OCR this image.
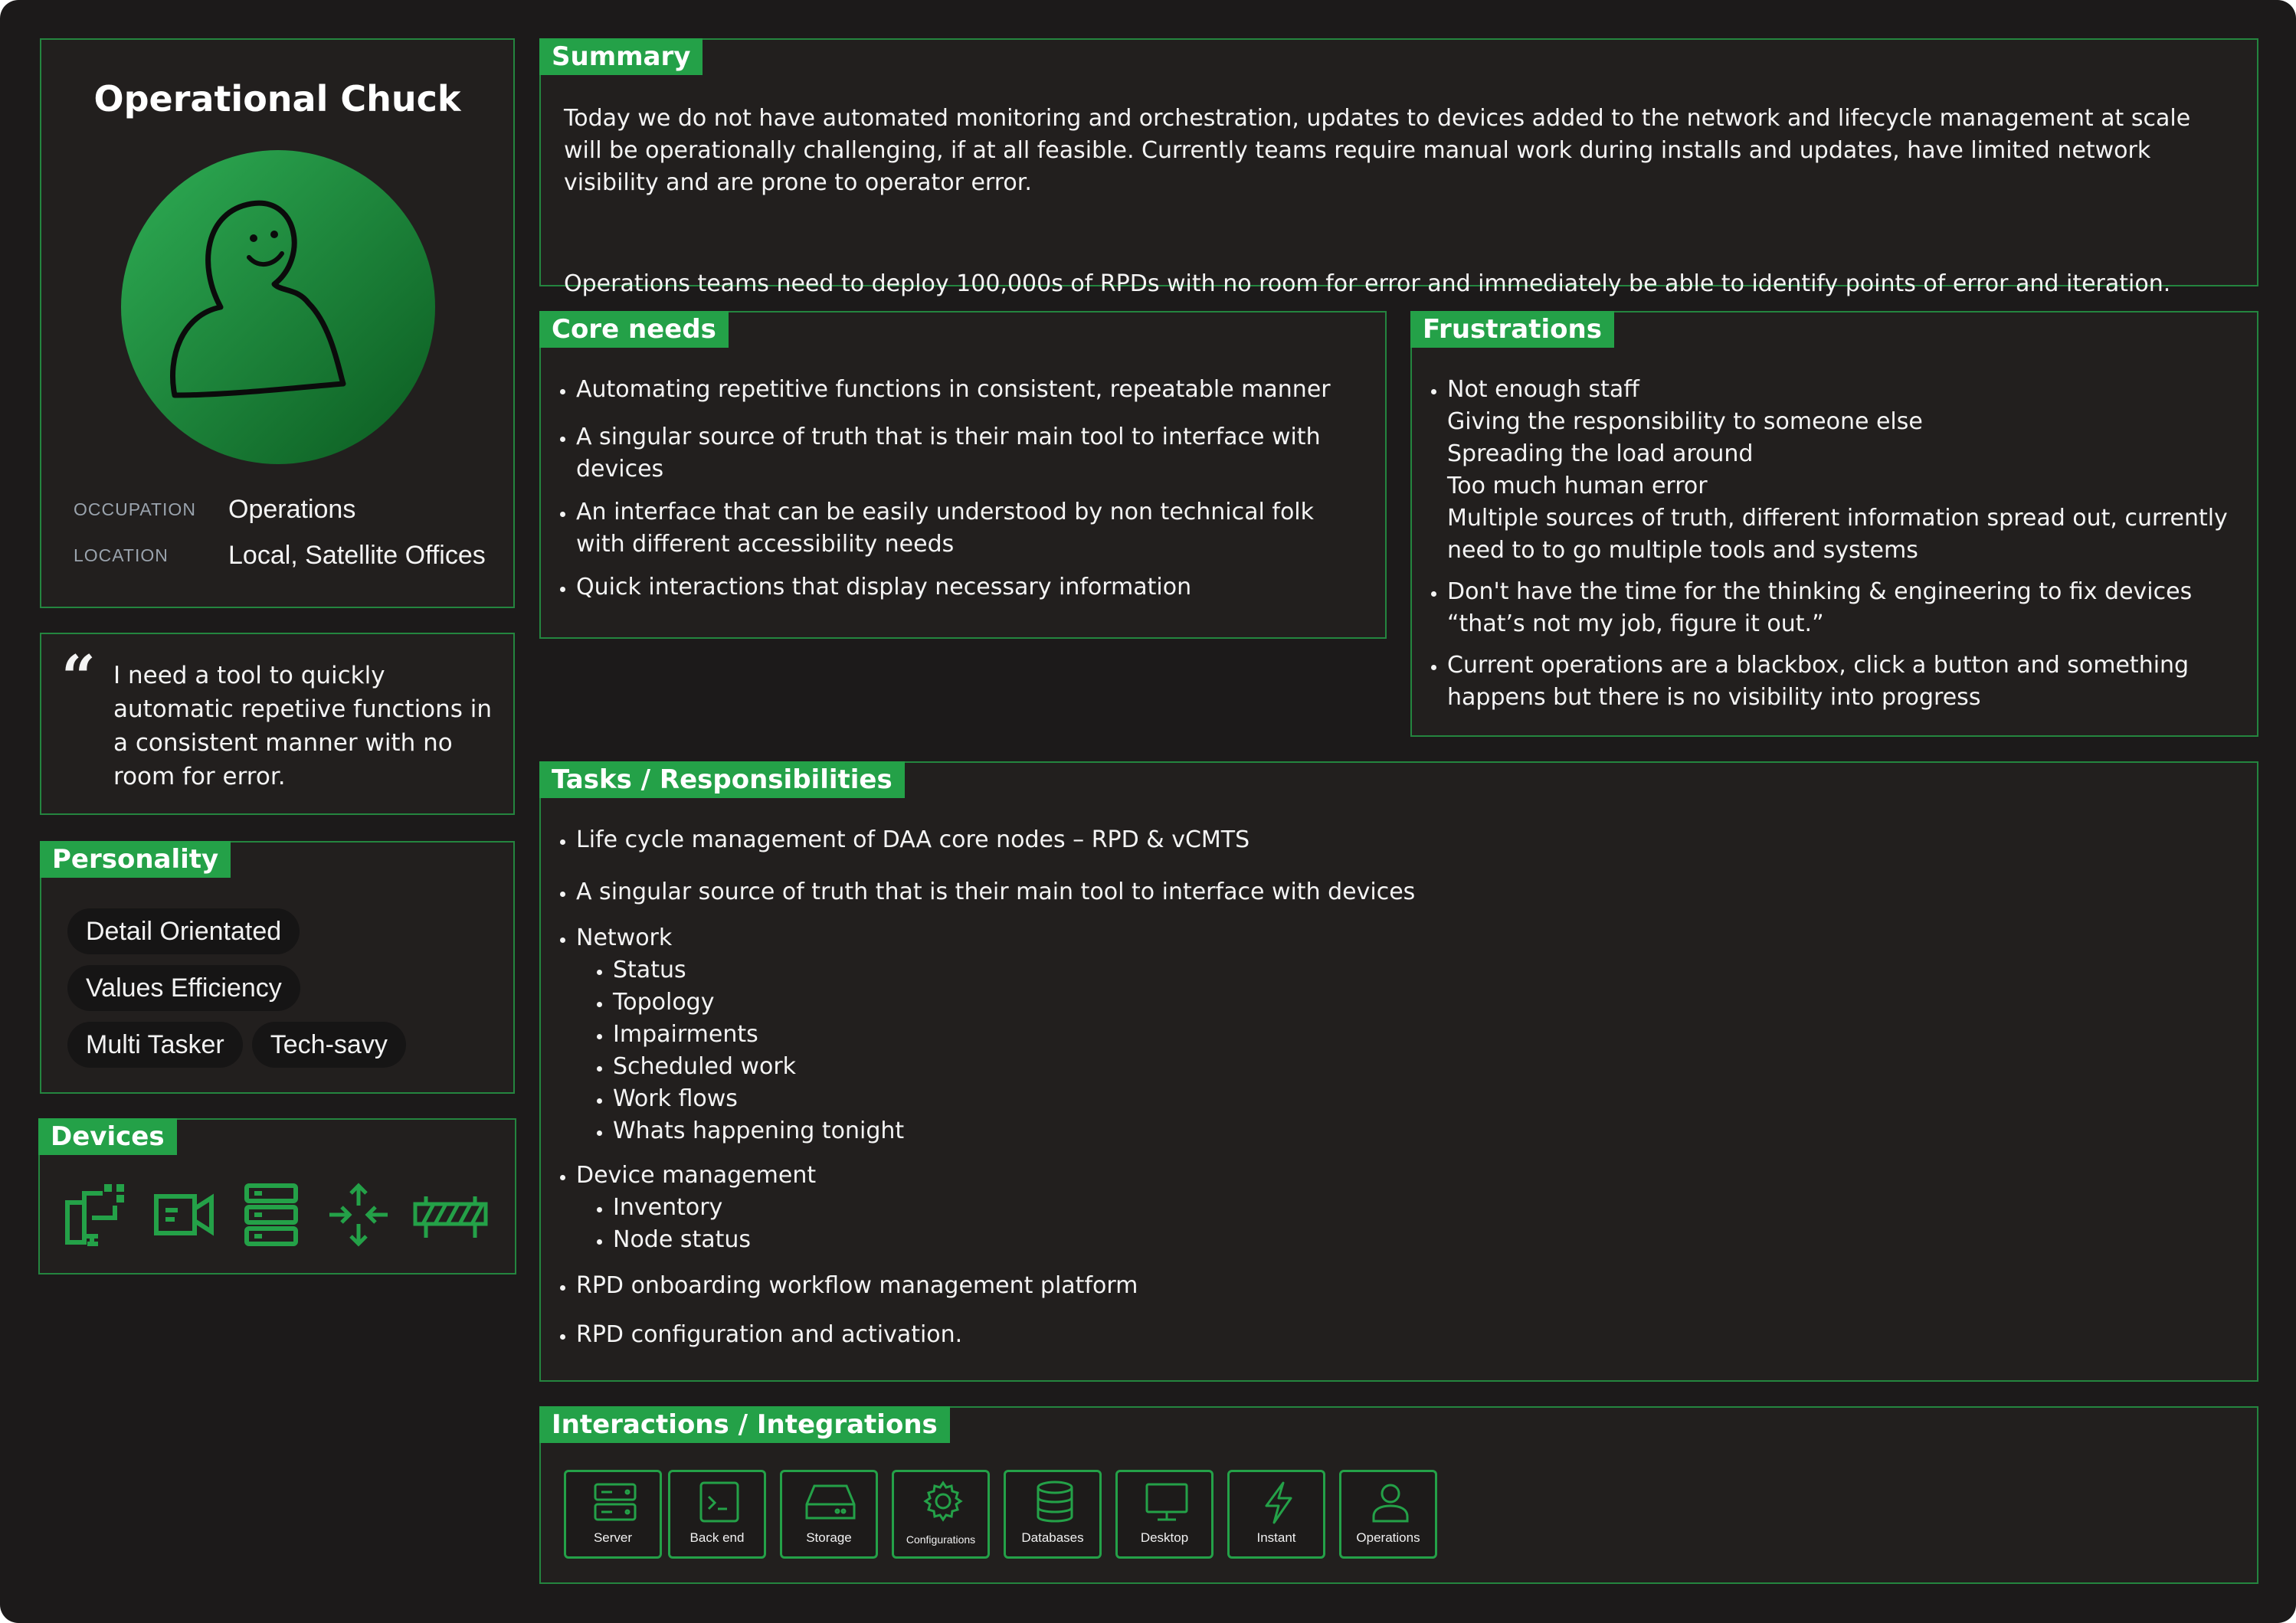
Operational Chuck
OCCUPATION Operations
LOCATION Local, Satellite Offices
“ I need a tool to quickly automatic repetiive functions in a consistent manner with no room for error.
Personality
Detail Orientated
Values Efficiency
Multi Tasker Tech-savy
Devices
Summary
Today we do not have automated monitoring and orchestration, updates to devices added to the network and lifecycle management at scale will be operationally challenging, if at all feasible. Currently teams require manual work during installs and updates, have limited network visibility and are prone to operator error.
Operations teams need to deploy 100,000s of RPDs with no room for error and immediately be able to identify points of error and iteration.
Core needs
• Automating repetitive functions in consistent, repeatable manner
• A singular source of truth that is their main tool to interface with devices
• An interface that can be easily understood by non technical folk with different accessibility needs
• Quick interactions that display necessary information
Frustrations
• Not enough staff
Giving the responsibility to someone else
Spreading the load around
Too much human error
Multiple sources of truth, different information spread out, currently need to to go multiple tools and systems
• Don't have the time for the thinking & engineering to fix devices “that’s not my job, figure it out.”
• Current operations are a blackbox, click a button and something happens but there is no visibility into progress
Tasks / Responsibilities
• Life cycle management of DAA core nodes – RPD & vCMTS
• A singular source of truth that is their main tool to interface with devices
• Network
• Status
• Topology
• Impairments
• Scheduled work
• Work flows
• Whats happening tonight
• Device management
• Inventory
• Node status
• RPD onboarding workflow management platform
• RPD configuration and activation.
Interactions / Integrations
Server	Back end	Storage	Configurations	Databases	Desktop	Instant	Operations
